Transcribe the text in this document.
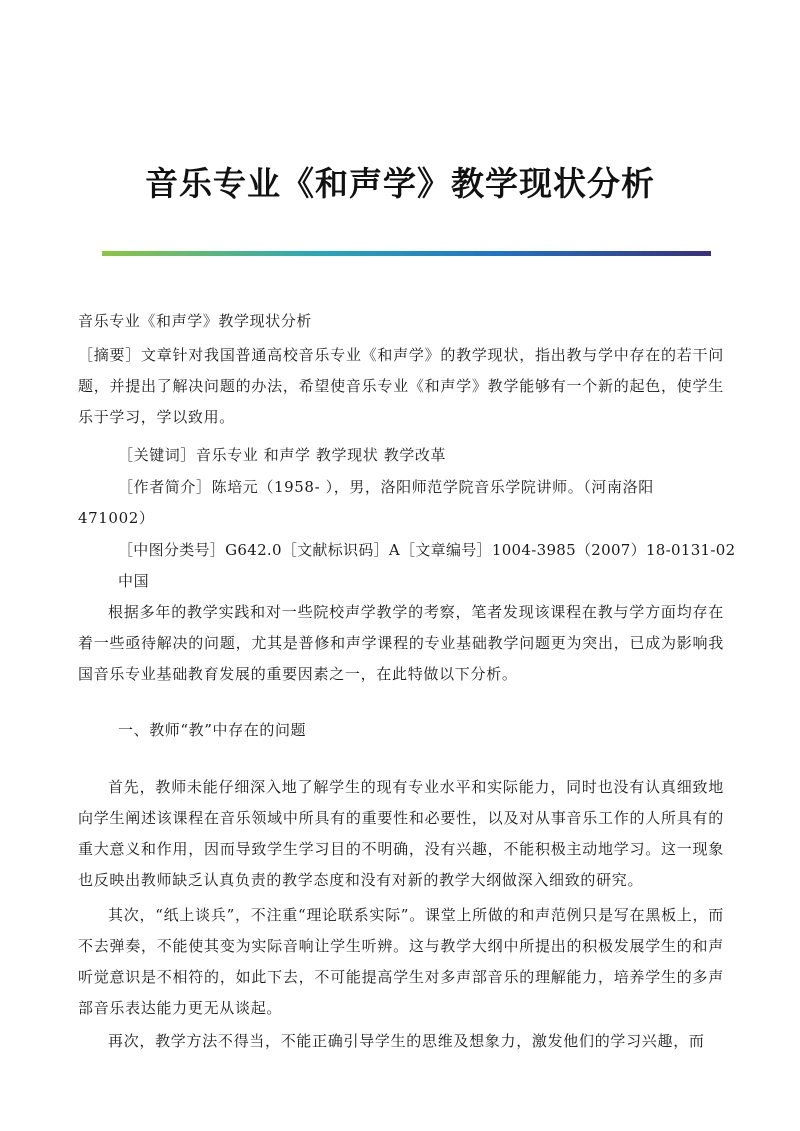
音乐专业《和声学》教学现状分析
音乐专业《和声学》教学现状分析
［摘要］文章针对我国普通高校音乐专业《和声学》的教学现状，指出教与学中存在的若干问题，并提出了解决问题的办法，希望使音乐专业《和声学》教学能够有一个新的起色，使学生乐于学习，学以致用。
［关键词］音乐专业 和声学 教学现状 教学改革
［作者简介］陈培元（1958- ），男，洛阳师范学院音乐学院讲师。（河南洛阳
471002）
［中图分类号］G642.0［文献标识码］A［文章编号］1004-3985（2007）18-0131-02
中国
根据多年的教学实践和对一些院校声学教学的考察，笔者发现该课程在教与学方面均存在着一些亟待解决的问题，尤其是普修和声学课程的专业基础教学问题更为突出，已成为影响我国音乐专业基础教育发展的重要因素之一，在此特做以下分析。
一、教师“教”中存在的问题
首先，教师未能仔细深入地了解学生的现有专业水平和实际能力，同时也没有认真细致地向学生阐述该课程在音乐领域中所具有的重要性和必要性，以及对从事音乐工作的人所具有的重大意义和作用，因而导致学生学习目的不明确，没有兴趣，不能积极主动地学习。这一现象也反映出教师缺乏认真负责的教学态度和没有对新的教学大纲做深入细致的研究。
其次，“纸上谈兵”，不注重“理论联系实际”。课堂上所做的和声范例只是写在黑板上，而不去弹奏，不能使其变为实际音响让学生听辨。这与教学大纲中所提出的积极发展学生的和声听觉意识是不相符的，如此下去，不可能提高学生对多声部音乐的理解能力，培养学生的多声部音乐表达能力更无从谈起。
再次，教学方法不得当，不能正确引导学生的思维及想象力，激发他们的学习兴趣，而
